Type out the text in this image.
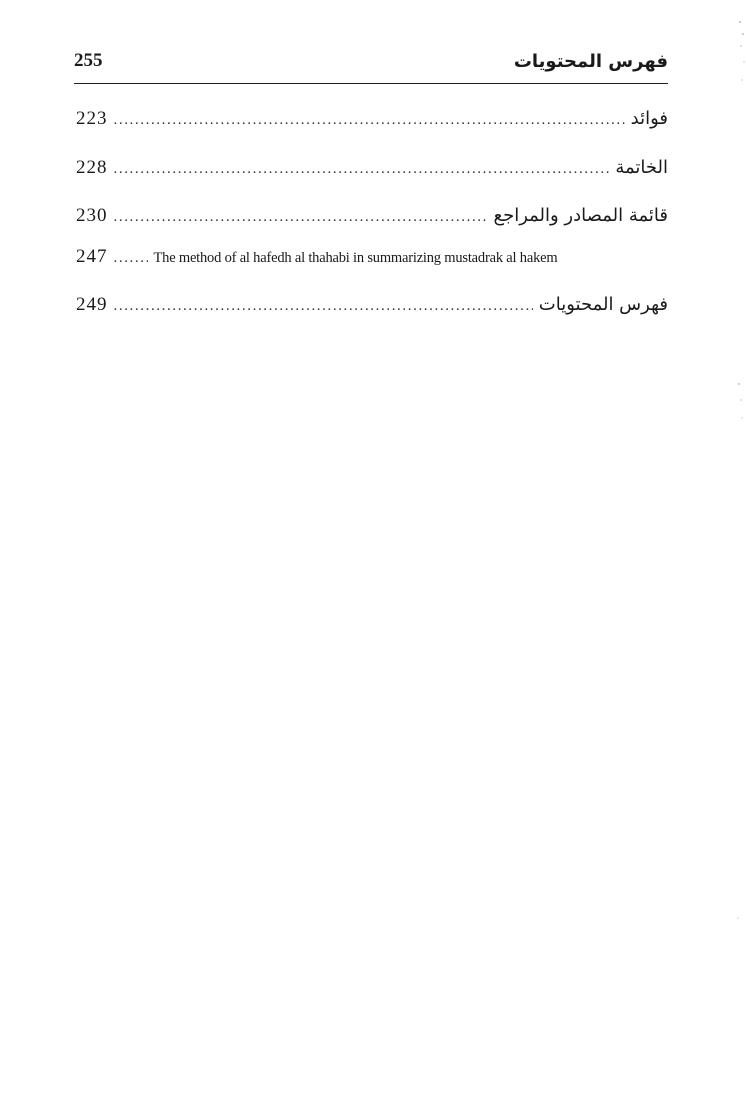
255	فهرس المحتويات
223 .....	فوائد
228 .....	الخاتمة
230 .....	قائمة المصادر والمراجع
247 .....	The method of al hafedh al thahabi in summarizing mustadrak al hakem
249 .....	فهرس المحتويات
